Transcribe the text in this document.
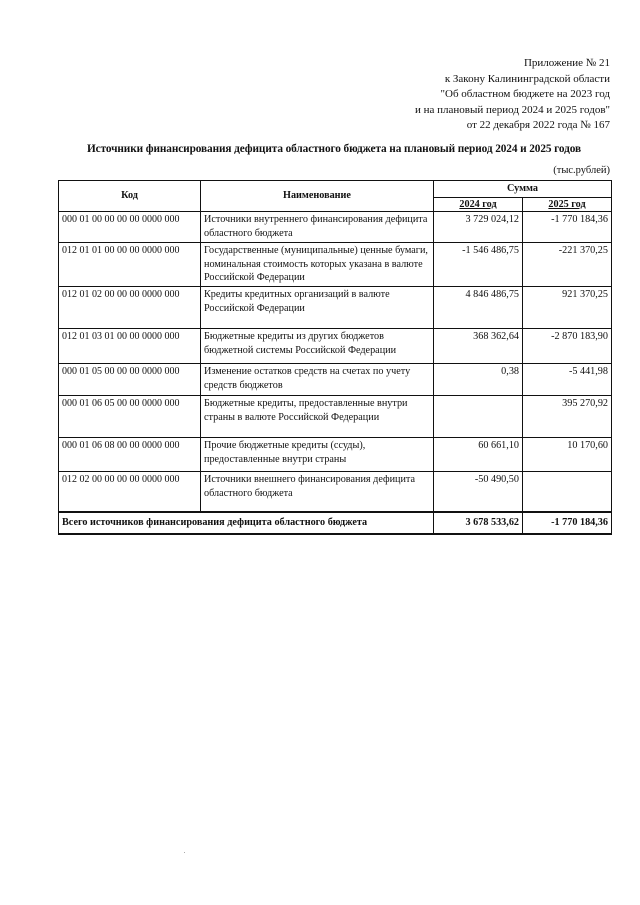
Приложение № 21
к Закону Калининградской области
"Об областном бюджете на 2023 год
и на плановый период 2024 и 2025 годов"
от 22 декабря 2022 года № 167
Источники финансирования дефицита областного бюджета на плановый период 2024 и 2025 годов
(тыс.рублей)
Код	Наименование	Сумма	
		2024 год	2025 год
000 01 00 00 00 00 0000 000	Источники внутреннего финансирования дефицита областного бюджета	3 729 024,12	-1 770 184,36
012 01 01 00 00 00 0000 000	Государственные (муниципальные) ценные бумаги, номинальная стоимость которых указана в валюте Российской Федерации	-1 546 486,75	-221 370,25
012 01 02 00 00 00 0000 000	Кредиты кредитных организаций в валюте Российской Федерации	4 846 486,75	921 370,25
012 01 03 01 00 00 0000 000	Бюджетные кредиты из других бюджетов бюджетной системы Российской Федерации	368 362,64	-2 870 183,90
000 01 05 00 00 00 0000 000	Изменение остатков средств на счетах по учету средств бюджетов	0,38	-5 441,98
000 01 06 05 00 00 0000 000	Бюджетные кредиты, предоставленные внутри страны в валюте Российской Федерации		395 270,92
000 01 06 08 00 00 0000 000	Прочие бюджетные кредиты (ссуды), предоставленные внутри страны	60 661,10	10 170,60
012 02 00 00 00 00 0000 000	Источники внешнего финансирования дефицита областного бюджета	-50 490,50	
Всего источников финансирования дефицита областного бюджета		3 678 533,62	-1 770 184,36
